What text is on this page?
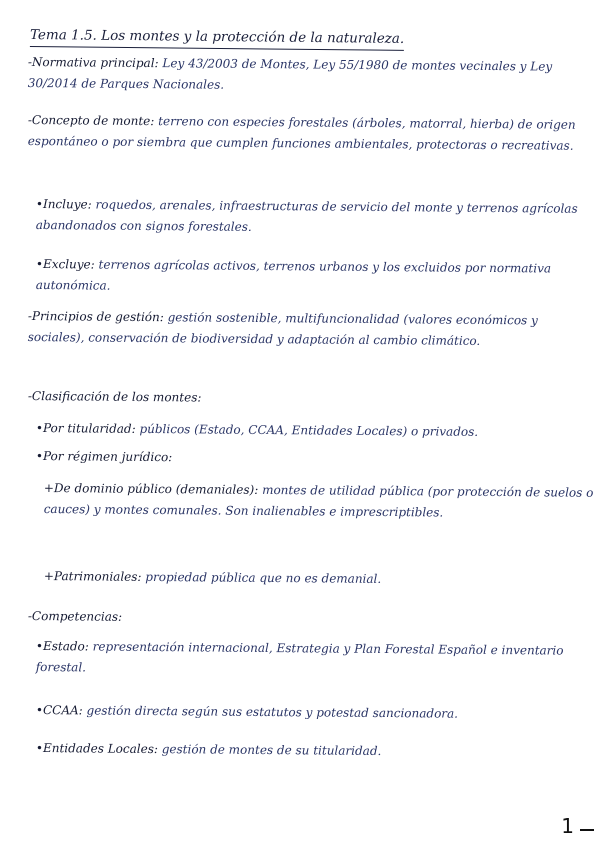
Tema 1.5. Los montes y la protección de la naturaleza.
-Normativa principal: Ley 43/2003 de Montes, Ley 55/1980 de montes vecinales y Ley 30/2014 de Parques Nacionales.
-Concepto de monte: terreno con especies forestales (árboles, matorral, hierba) de origen espontáneo o por siembra que cumplen funciones ambientales, protectoras o recreativas.
•Incluye: roquedos, arenales, infraestructuras de servicio del monte y terrenos agrícolas abandonados con signos forestales.
•Excluye: terrenos agrícolas activos, terrenos urbanos y los excluidos por normativa autonómica.
-Principios de gestión: gestión sostenible, multifuncionalidad (valores económicos y sociales), conservación de biodiversidad y adaptación al cambio climático.
-Clasificación de los montes:
•Por titularidad: públicos (Estado, CCAA, Entidades Locales) o privados.
•Por régimen jurídico:
+De dominio público (demaniales): montes de utilidad pública (por protección de suelos o cauces) y montes comunales. Son inalienables e imprescriptibles.
+Patrimoniales: propiedad pública que no es demanial.
-Competencias:
•Estado: representación internacional, Estrategia y Plan Forestal Español e inventario forestal.
•CCAA: gestión directa según sus estatutos y potestad sancionadora.
•Entidades Locales: gestión de montes de su titularidad.
1
